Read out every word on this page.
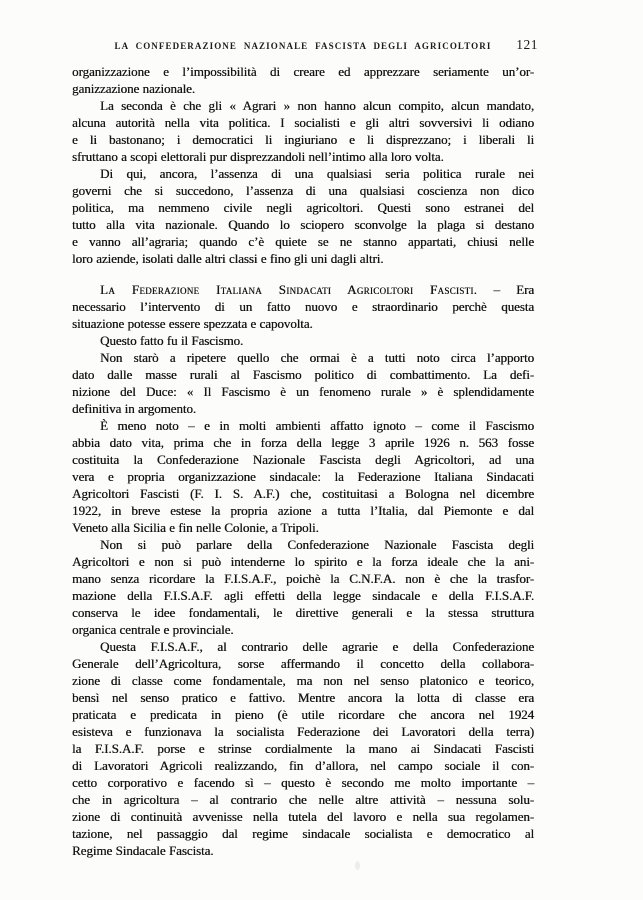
LA CONFEDERAZIONE NAZIONALE FASCISTA DEGLI AGRICOLTORI	121
organizzazione e l’impossibilità di creare ed apprezzare seriamente un’or-
ganizzazione nazionale.
La seconda è che gli « Agrari » non hanno alcun compito, alcun mandato,
alcuna autorità nella vita politica. I socialisti e gli altri sovversivi li odiano
e li bastonano; i democratici li ingiuriano e li disprezzano; i liberali li
sfruttano a scopi elettorali pur disprezzandoli nell’intimo alla loro volta.
Di qui, ancora, l’assenza di una qualsiasi seria politica rurale nei
governi che si succedono, l’assenza di una qualsiasi coscienza non dico
politica, ma nemmeno civile negli agricoltori. Questi sono estranei del
tutto alla vita nazionale. Quando lo sciopero sconvolge la plaga si destano
e vanno all’agraria; quando c’è quiete se ne stanno appartati, chiusi nelle
loro aziende, isolati dalle altri classi e fino gli uni dagli altri.
La Federazione Italiana Sindacati Agricoltori Fascisti. – Era
necessario l’intervento di un fatto nuovo e straordinario perchè questa
situazione potesse essere spezzata e capovolta.
Questo fatto fu il Fascismo.
Non starò a ripetere quello che ormai è a tutti noto circa l’apporto
dato dalle masse rurali al Fascismo politico di combattimento. La defi-
nizione del Duce: « Il Fascismo è un fenomeno rurale » è splendidamente
definitiva in argomento.
È meno noto – e in molti ambienti affatto ignoto – come il Fascismo
abbia dato vita, prima che in forza della legge 3 aprile 1926 n. 563 fosse
costituita la Confederazione Nazionale Fascista degli Agricoltori, ad una
vera e propria organizzazione sindacale: la Federazione Italiana Sindacati
Agricoltori Fascisti (F. I. S. A.F.) che, costituitasi a Bologna nel dicembre
1922, in breve estese la propria azione a tutta l’Italia, dal Piemonte e dal
Veneto alla Sicilia e fin nelle Colonie, a Tripoli.
Non si può parlare della Confederazione Nazionale Fascista degli
Agricoltori e non si può intenderne lo spirito e la forza ideale che la ani-
mano senza ricordare la F.I.S.A.F., poichè la C.N.F.A. non è che la trasfor-
mazione della F.I.S.A.F. agli effetti della legge sindacale e della F.I.S.A.F.
conserva le idee fondamentali, le direttive generali e la stessa struttura
organica centrale e provinciale.
Questa F.I.S.A.F., al contrario delle agrarie e della Confederazione
Generale dell’Agricoltura, sorse affermando il concetto della collabora-
zione di classe come fondamentale, ma non nel senso platonico e teorico,
bensì nel senso pratico e fattivo. Mentre ancora la lotta di classe era
praticata e predicata in pieno (è utile ricordare che ancora nel 1924
esisteva e funzionava la socialista Federazione dei Lavoratori della terra)
la F.I.S.A.F. porse e strinse cordialmente la mano ai Sindacati Fascisti
di Lavoratori Agricoli realizzando, fin d’allora, nel campo sociale il con-
cetto corporativo e facendo sì – questo è secondo me molto importante –
che in agricoltura – al contrario che nelle altre attività – nessuna solu-
zione di continuità avvenisse nella tutela del lavoro e nella sua regolamen-
tazione, nel passaggio dal regime sindacale socialista e democratico al
Regime Sindacale Fascista.
